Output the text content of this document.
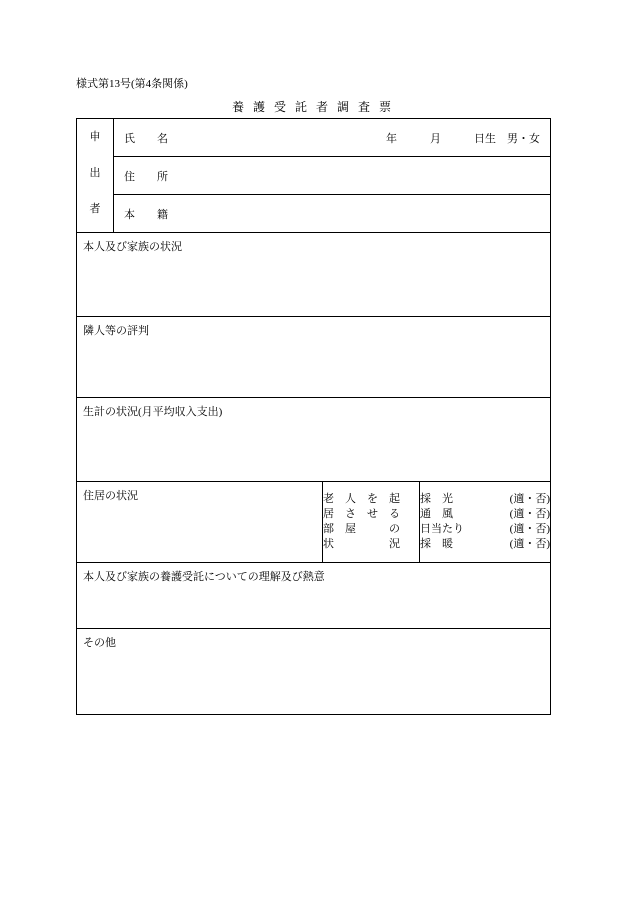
様式第13号(第4条関係)
養 護 受 託 者 調 査 票
申
出
者

氏　　名	年　　　月　　　日生　男・女

住　　所

本　　籍

本人及び家族の状況

隣人等の評判

生計の状況(月平均収入支出)

住居の状況	老　人　を　起
居　さ　せ　る
部　屋　　　の
状　　　　　況

採　光	(適・否)
通　風	(適・否)
日当たり	(適・否)
採　暖	(適・否)

本人及び家族の養護受託についての理解及び熱意

その他
